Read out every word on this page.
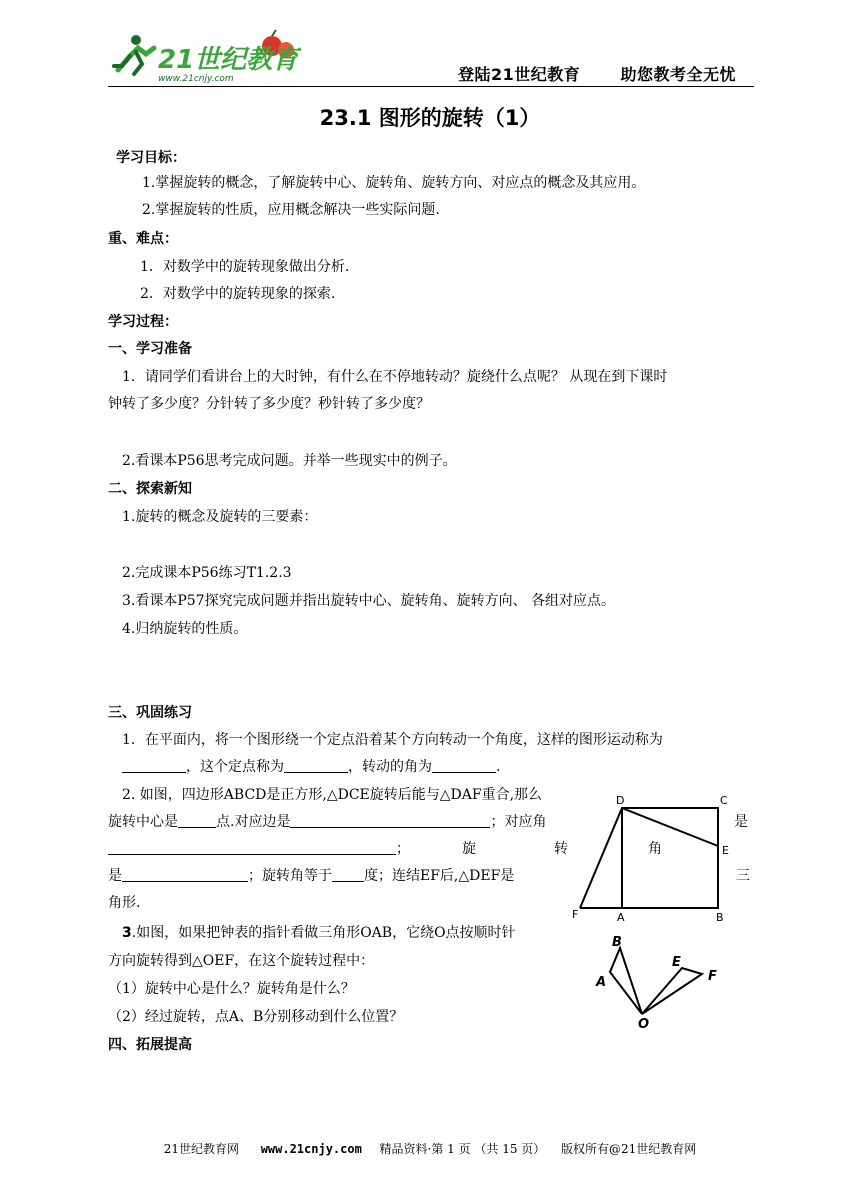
21世纪教育
www.21cnjy.com	登陆21世纪教育	助您教考全无忧
23.1 图形的旋转（1）
学习目标：
1.掌握旋转的概念，了解旋转中心、旋转角、旋转方向、对应点的概念及其应用。
2.掌握旋转的性质，应用概念解决一些实际问题.
重、难点：
1．对数学中的旋转现象做出分析.
2．对数学中的旋转现象的探索.
学习过程：
一、学习准备
1．请同学们看讲台上的大时钟，有什么在不停地转动？旋绕什么点呢？ 从现在到下课时
钟转了多少度？分针转了多少度？秒针转了多少度？
2.看课本P56思考完成问题。并举一些现实中的例子。
二、探索新知
1.旋转的概念及旋转的三要素：
2.完成课本P56练习T1.2.3
3.看课本P57探究完成问题并指出旋转中心、旋转角、旋转方向、 各组对应点。
4.归纳旋转的性质。
三、巩固练习
1．在平面内，将一个图形绕一个定点沿着某个方向转动一个角度，这样的图形运动称为
，这个定点称为	，转动的角为	.
2. 如图，四边形ABCD是正方形,△DCE旋转后能与△DAF重合,那么
旋转中心是	点.对应边是	；对应角	是
；	旋	转	角
是	；旋转角等于 度；连结EF后,△DEF是	三
角形.
3.如图，如果把钟表的指针看做三角形OAB，它绕O点按顺时针
方向旋转得到△OEF，在这个旋转过程中：
（1）旋转中心是什么？旋转角是什么？
（2）经过旋转，点A、B分别移动到什么位置？
四、拓展提高
D	C
E
F	A	B
B
A
E
F
O
21世纪教育网 www.21cnjy.com 精品资料·第 1 页 （共 15 页） 版权所有@21世纪教育网
